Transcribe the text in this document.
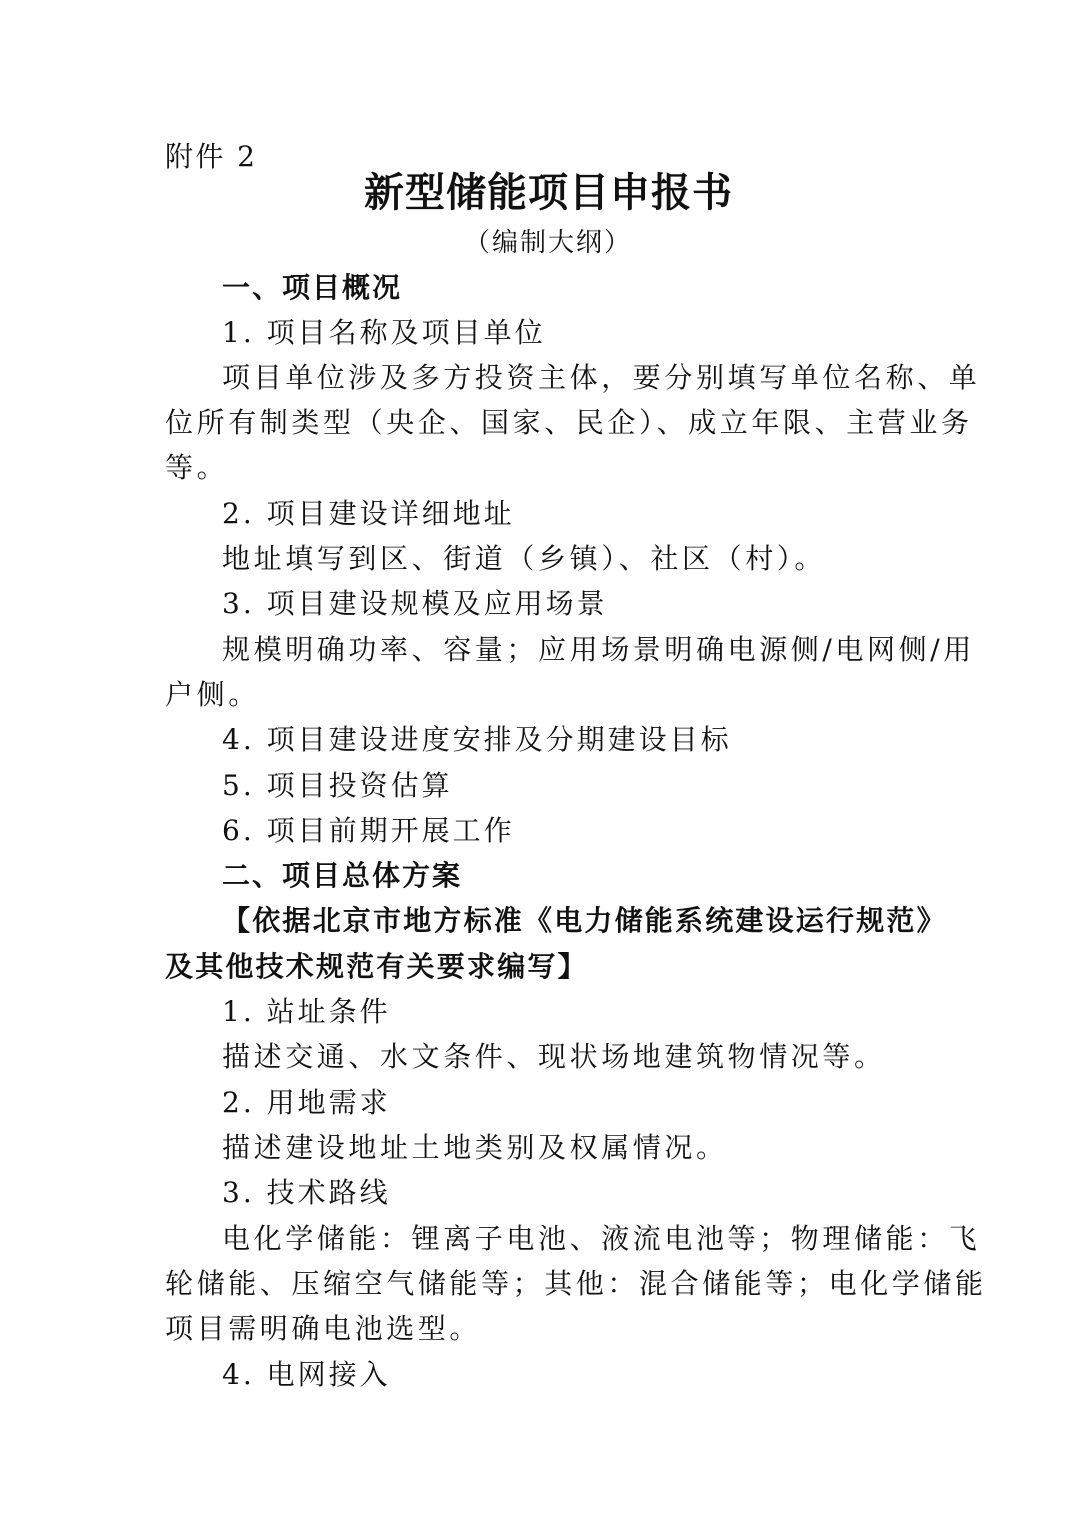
附件 2

新型储能项目申报书

（编制大纲）

一、项目概况

1. 项目名称及项目单位

项目单位涉及多方投资主体，要分别填写单位名称、单

位所有制类型（央企、国家、民企）、成立年限、主营业务

等。

2. 项目建设详细地址

地址填写到区、街道（乡镇）、社区（村）。

3. 项目建设规模及应用场景

规模明确功率、容量；应用场景明确电源侧/电网侧/用

户侧。

4. 项目建设进度安排及分期建设目标

5. 项目投资估算

6. 项目前期开展工作

二、项目总体方案

【依据北京市地方标准《电力储能系统建设运行规范》

及其他技术规范有关要求编写】

1. 站址条件

描述交通、水文条件、现状场地建筑物情况等。

2. 用地需求

描述建设地址土地类别及权属情况。

3. 技术路线

电化学储能：锂离子电池、液流电池等；物理储能：飞

轮储能、压缩空气储能等；其他：混合储能等；电化学储能

项目需明确电池选型。

4. 电网接入
